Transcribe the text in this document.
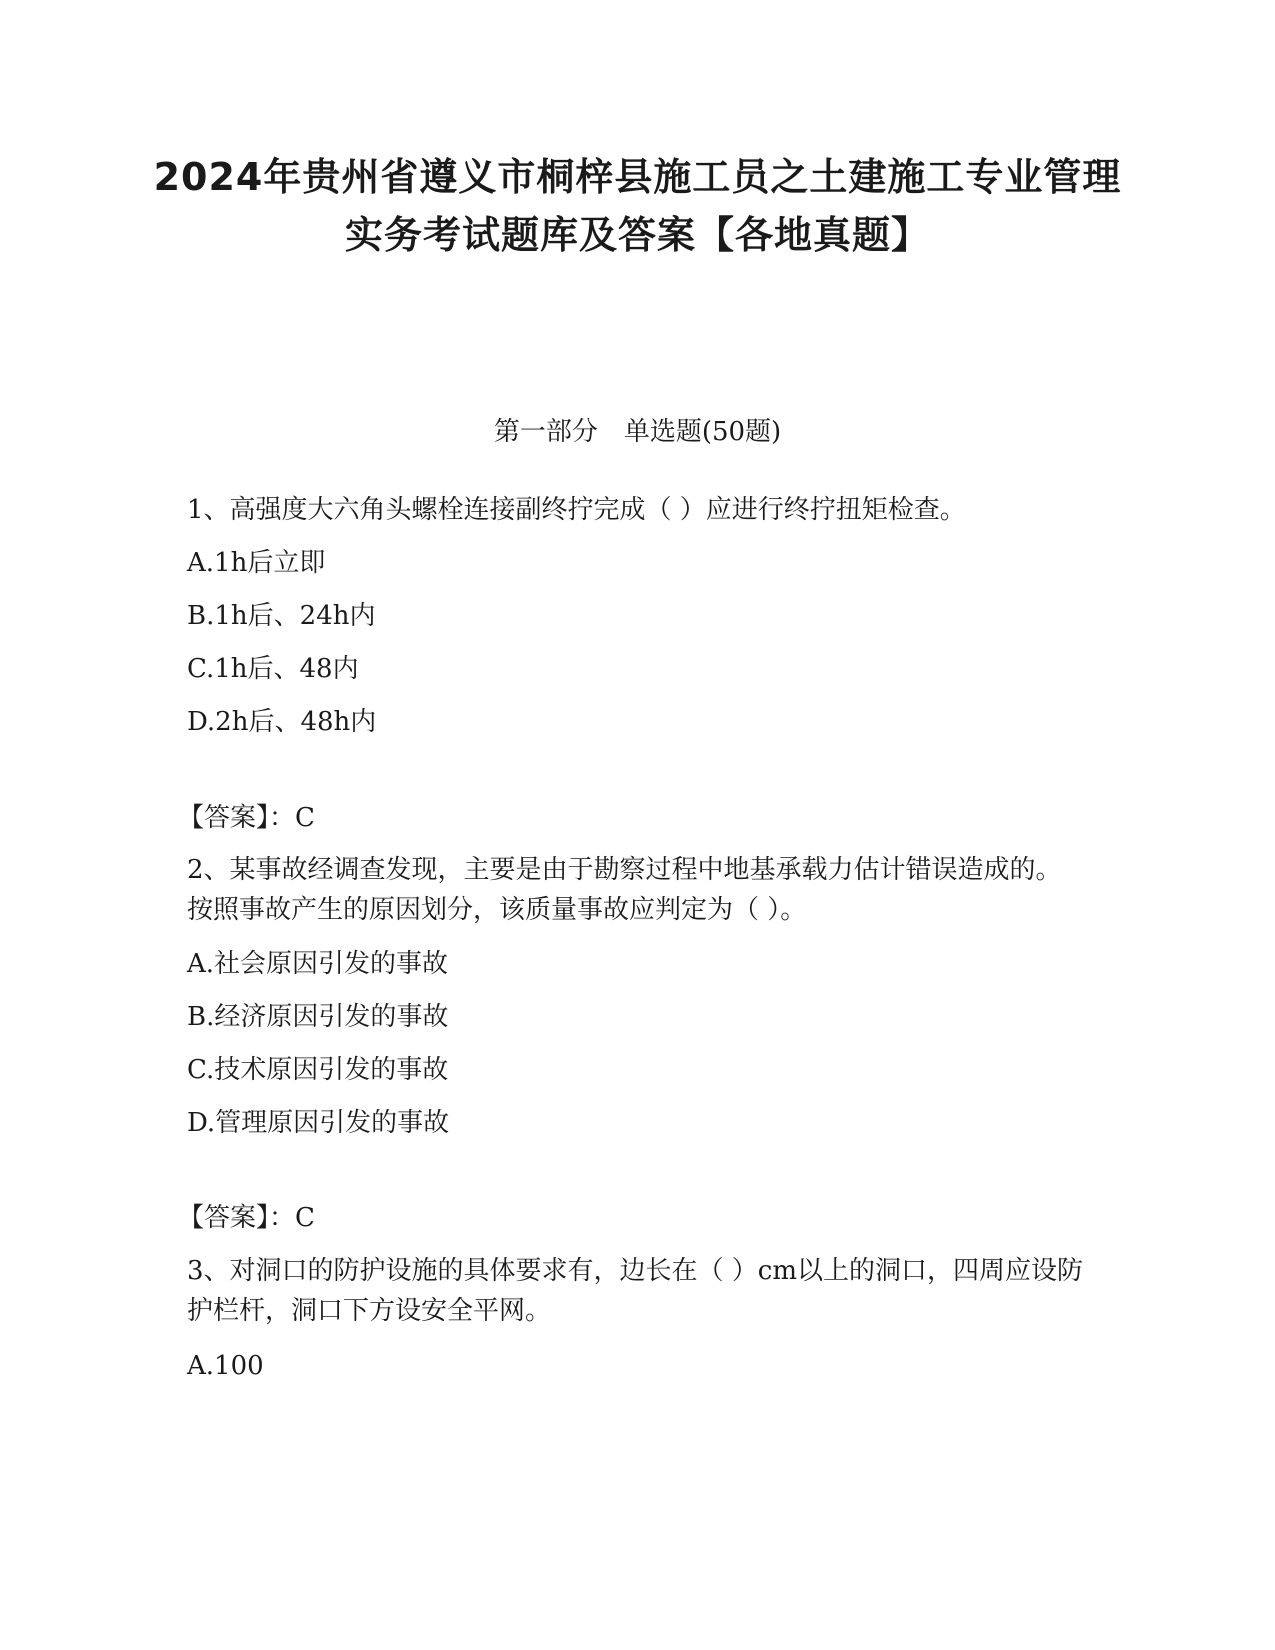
2024年贵州省遵义市桐梓县施工员之土建施工专业管理实务考试题库及答案【各地真题】
第一部分　单选题(50题)
1、高强度大六角头螺栓连接副终拧完成（ ）应进行终拧扭矩检查。
A.1h后立即
B.1h后、24h内
C.1h后、48内
D.2h后、48h内
【答案】：C
2、某事故经调查发现，主要是由于勘察过程中地基承载力估计错误造成的。按照事故产生的原因划分，该质量事故应判定为（ ）。
A.社会原因引发的事故
B.经济原因引发的事故
C.技术原因引发的事故
D.管理原因引发的事故
【答案】：C
3、对洞口的防护设施的具体要求有，边长在（ ）cm以上的洞口，四周应设防护栏杆，洞口下方设安全平网。
A.100
